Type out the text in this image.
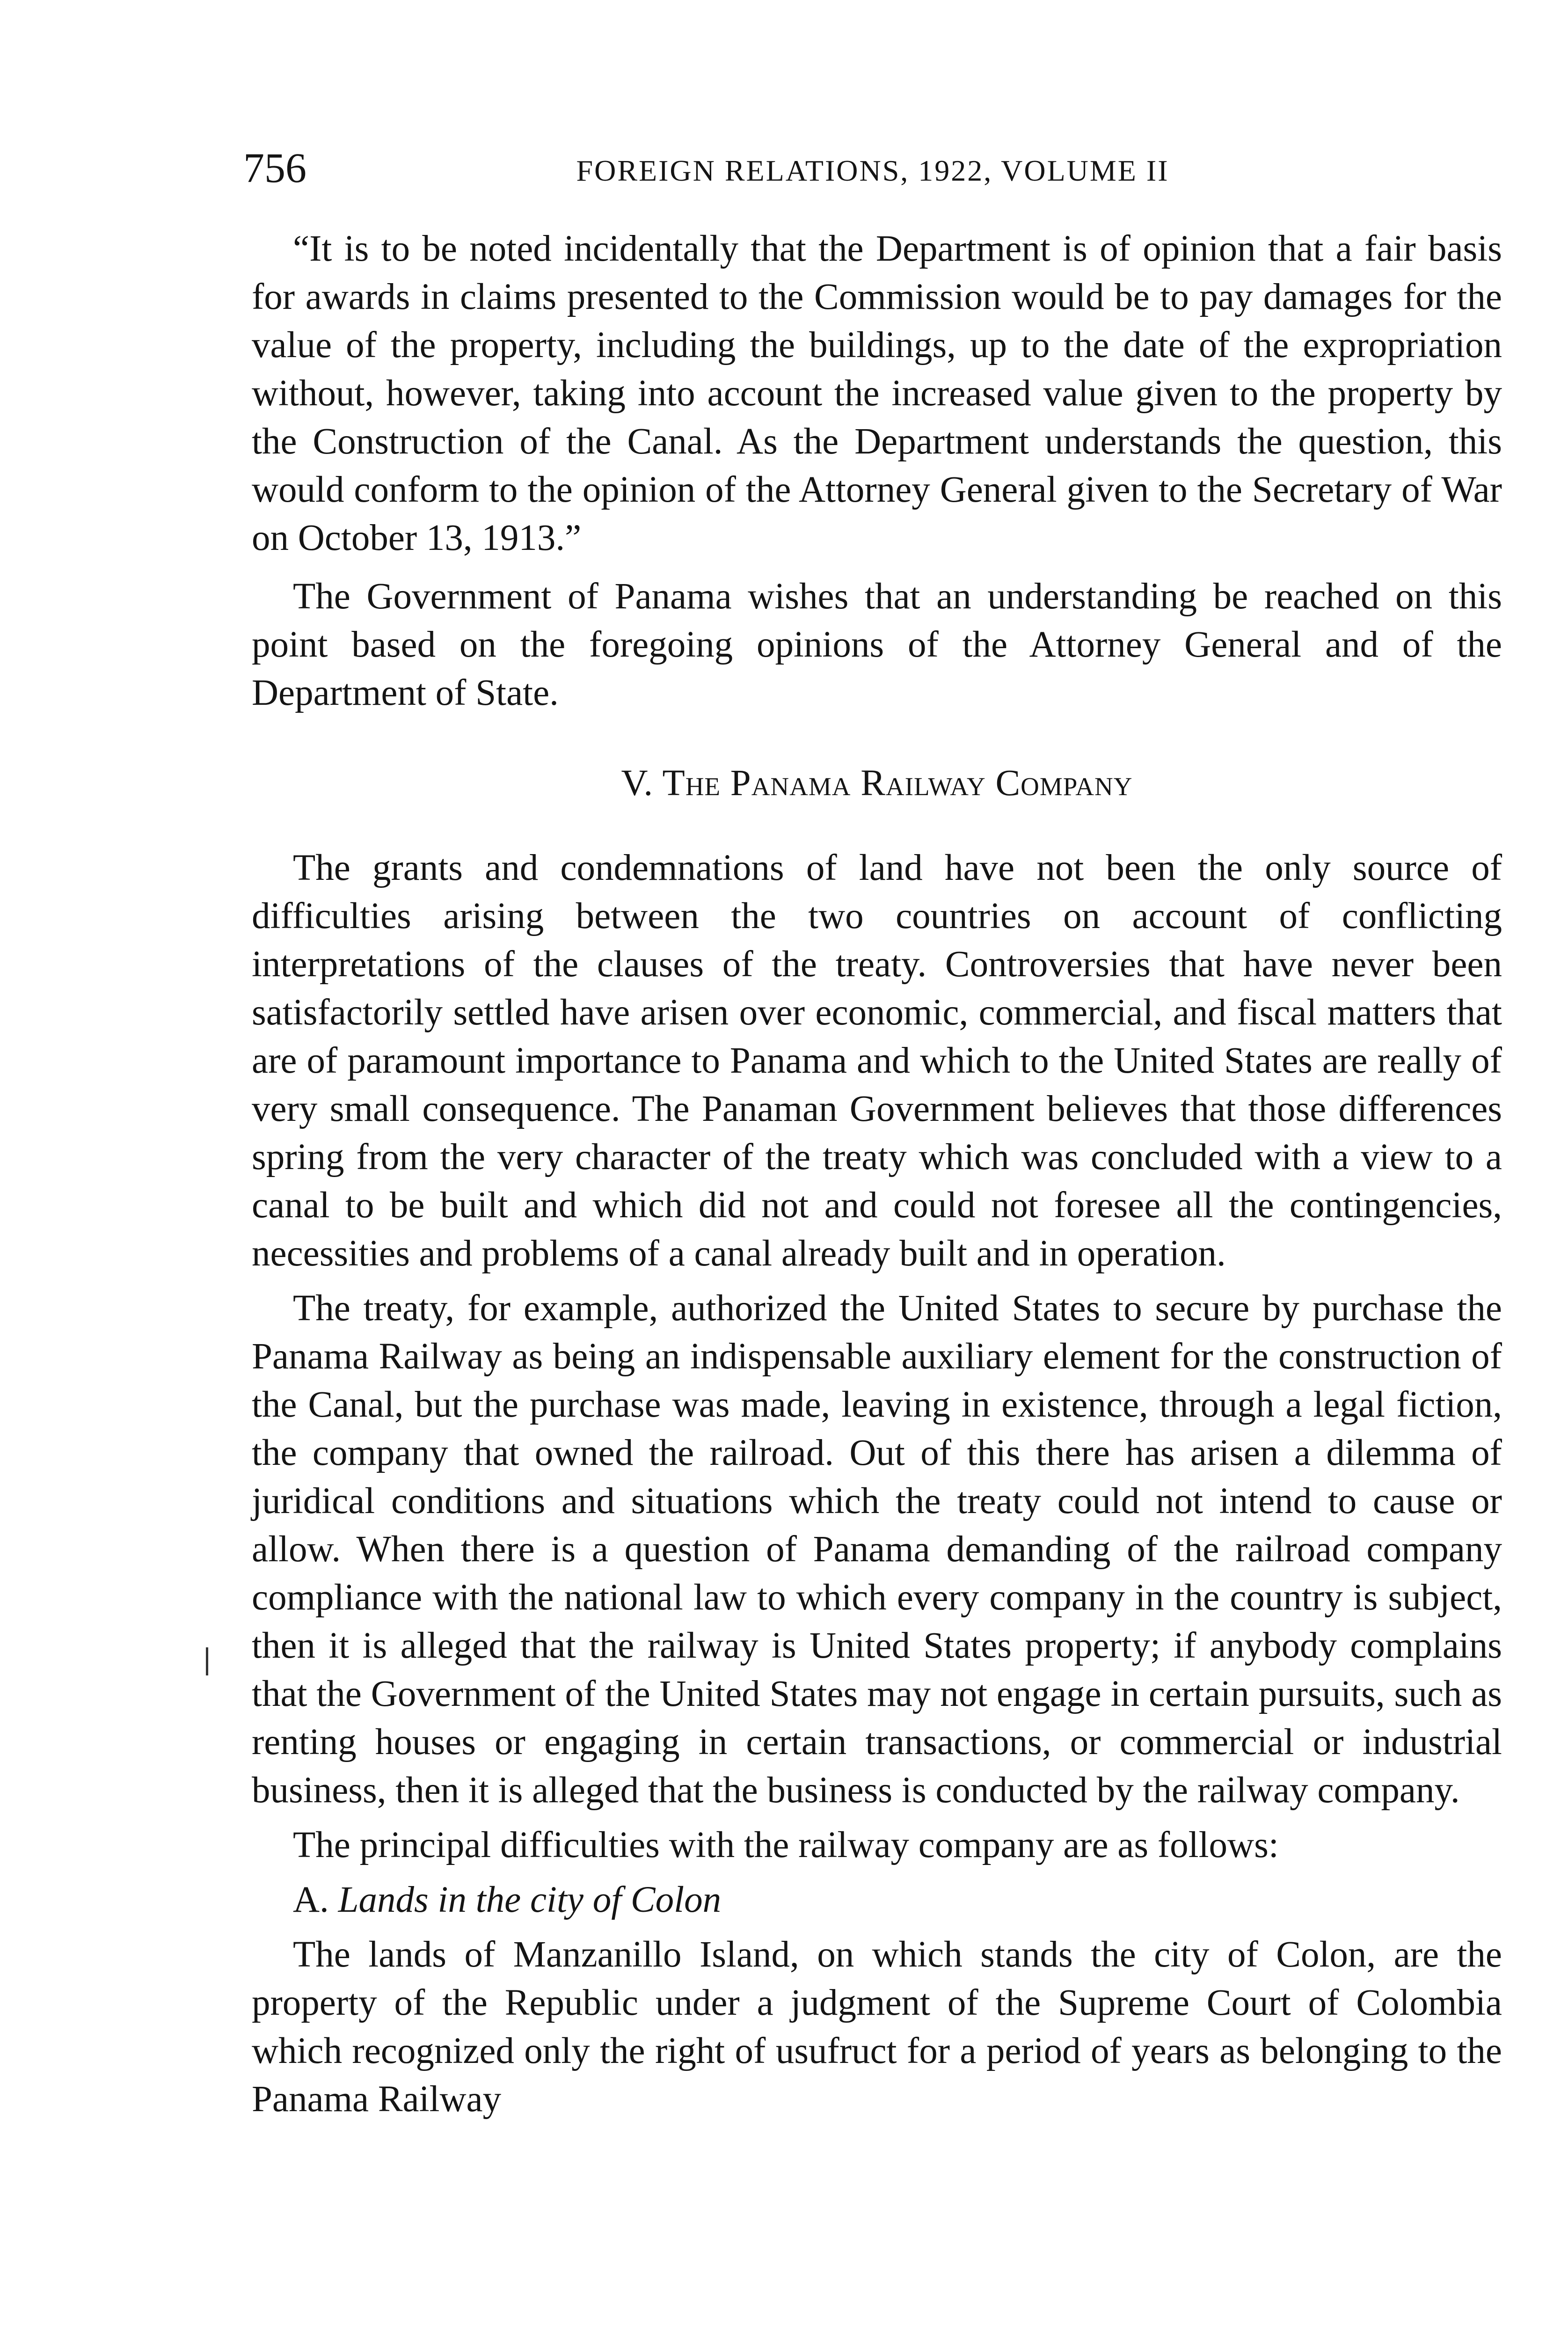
756	FOREIGN RELATIONS, 1922, VOLUME II

“It is to be noted incidentally that the Department is of opinion that a fair basis for awards in claims presented to the Commission would be to pay damages for the value of the property, including the buildings, up to the date of the expropriation without, however, taking into account the increased value given to the property by the Construction of the Canal. As the Department understands the question, this would conform to the opinion of the Attorney General given to the Secretary of War on October 13, 1913.”

The Government of Panama wishes that an understanding be reached on this point based on the foregoing opinions of the Attorney General and of the Department of State.

V. The Panama Railway Company

The grants and condemnations of land have not been the only source of difficulties arising between the two countries on account of conflicting interpretations of the clauses of the treaty. Controversies that have never been satisfactorily settled have arisen over economic, commercial, and fiscal matters that are of paramount importance to Panama and which to the United States are really of very small consequence. The Panaman Government believes that those differences spring from the very character of the treaty which was concluded with a view to a canal to be built and which did not and could not foresee all the contingencies, necessities and problems of a canal already built and in operation.

The treaty, for example, authorized the United States to secure by purchase the Panama Railway as being an indispensable auxiliary element for the construction of the Canal, but the purchase was made, leaving in existence, through a legal fiction, the company that owned the railroad. Out of this there has arisen a dilemma of juridical conditions and situations which the treaty could not intend to cause or allow. When there is a question of Panama demanding of the railroad company compliance with the national law to which every company in the country is subject, then it is alleged that the railway is United States property; if anybody complains that the Government of the United States may not engage in certain pursuits, such as renting houses or engaging in certain transactions, or commercial or industrial business, then it is alleged that the business is conducted by the railway company.

The principal difficulties with the railway company are as follows:

A. Lands in the city of Colon

The lands of Manzanillo Island, on which stands the city of Colon, are the property of the Republic under a judgment of the Supreme Court of Colombia which recognized only the right of usufruct for a period of years as belonging to the Panama Railway
